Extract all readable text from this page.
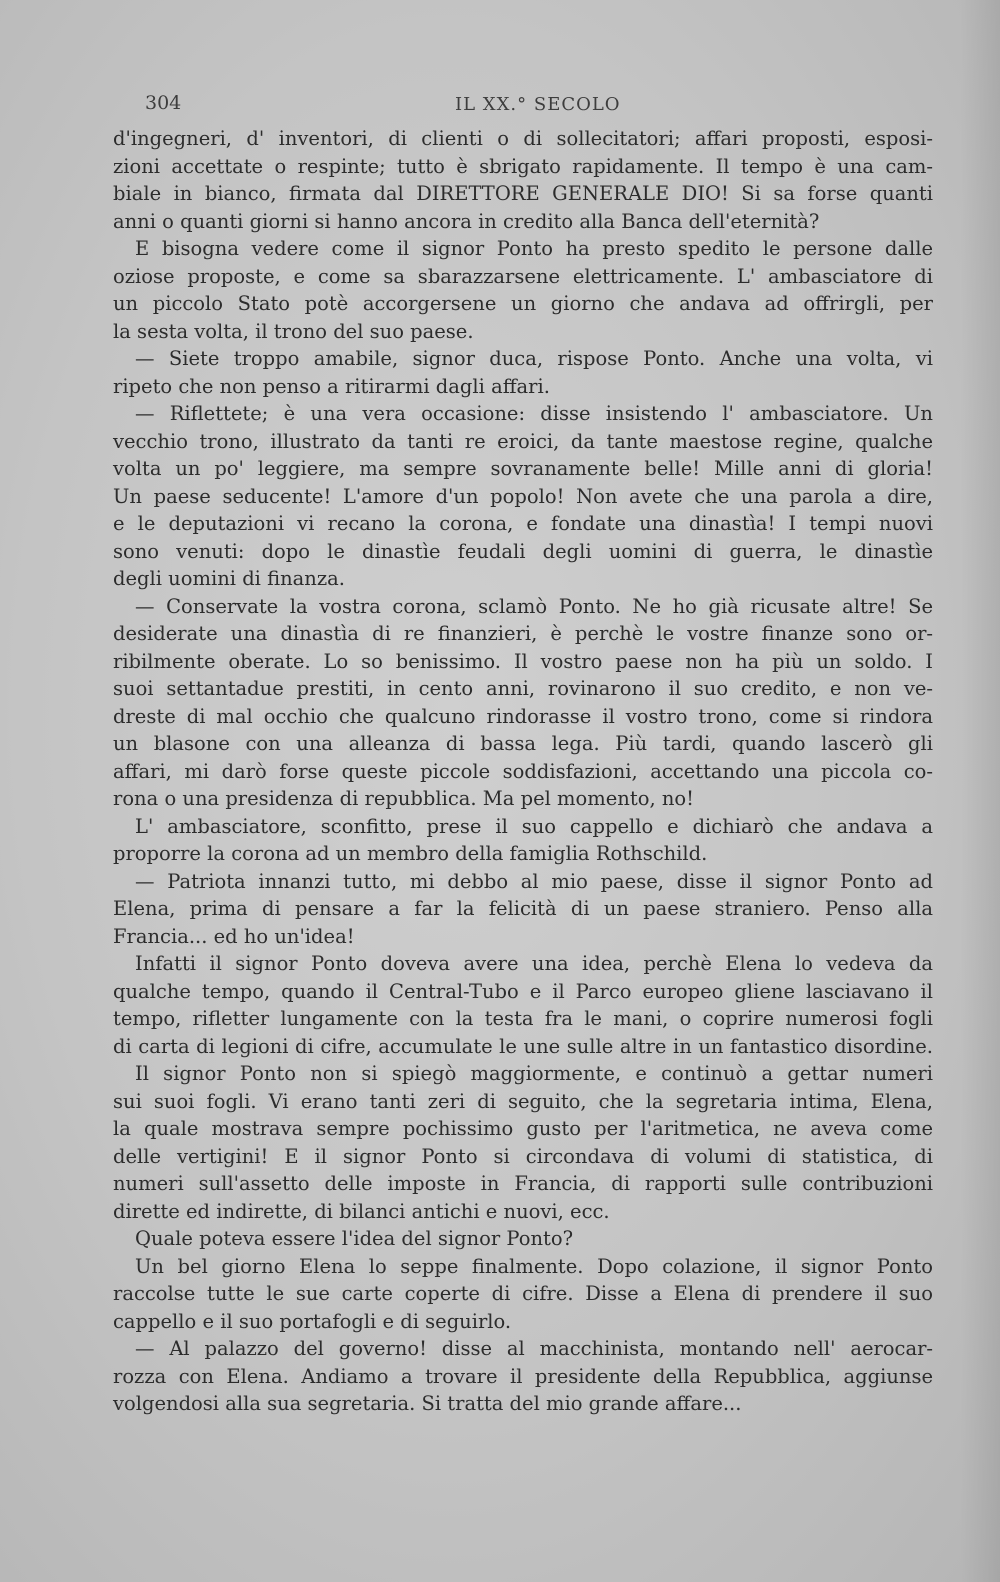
304	IL XX.° SECOLO
d'ingegneri, d' inventori, di clienti o di sollecitatori; affari proposti, esposi-
zioni accettate o respinte; tutto è sbrigato rapidamente. Il tempo è una cam-
biale in bianco, firmata dal DIRETTORE GENERALE DIO! Si sa forse quanti
anni o quanti giorni si hanno ancora in credito alla Banca dell'eternità?
E bisogna vedere come il signor Ponto ha presto spedito le persone dalle
oziose proposte, e come sa sbarazzarsene elettricamente. L' ambasciatore di
un piccolo Stato potè accorgersene un giorno che andava ad offrirgli, per
la sesta volta, il trono del suo paese.
— Siete troppo amabile, signor duca, rispose Ponto. Anche una volta, vi
ripeto che non penso a ritirarmi dagli affari.
— Riflettete; è una vera occasione: disse insistendo l' ambasciatore. Un
vecchio trono, illustrato da tanti re eroici, da tante maestose regine, qualche
volta un po' leggiere, ma sempre sovranamente belle! Mille anni di gloria!
Un paese seducente! L'amore d'un popolo! Non avete che una parola a dire,
e le deputazioni vi recano la corona, e fondate una dinastìa! I tempi nuovi
sono venuti: dopo le dinastìe feudali degli uomini di guerra, le dinastìe
degli uomini di finanza.
— Conservate la vostra corona, sclamò Ponto. Ne ho già ricusate altre! Se
desiderate una dinastìa di re finanzieri, è perchè le vostre finanze sono or-
ribilmente oberate. Lo so benissimo. Il vostro paese non ha più un soldo. I
suoi settantadue prestiti, in cento anni, rovinarono il suo credito, e non ve-
dreste di mal occhio che qualcuno rindorasse il vostro trono, come si rindora
un blasone con una alleanza di bassa lega. Più tardi, quando lascerò gli
affari, mi darò forse queste piccole soddisfazioni, accettando una piccola co-
rona o una presidenza di repubblica. Ma pel momento, no!
L' ambasciatore, sconfitto, prese il suo cappello e dichiarò che andava a
proporre la corona ad un membro della famiglia Rothschild.
— Patriota innanzi tutto, mi debbo al mio paese, disse il signor Ponto ad
Elena, prima di pensare a far la felicità di un paese straniero. Penso alla
Francia... ed ho un'idea!
Infatti il signor Ponto doveva avere una idea, perchè Elena lo vedeva da
qualche tempo, quando il Central-Tubo e il Parco europeo gliene lasciavano il
tempo, rifletter lungamente con la testa fra le mani, o coprire numerosi fogli
di carta di legioni di cifre, accumulate le une sulle altre in un fantastico disordine.
Il signor Ponto non si spiegò maggiormente, e continuò a gettar numeri
sui suoi fogli. Vi erano tanti zeri di seguito, che la segretaria intima, Elena,
la quale mostrava sempre pochissimo gusto per l'aritmetica, ne aveva come
delle vertigini! E il signor Ponto si circondava di volumi di statistica, di
numeri sull'assetto delle imposte in Francia, di rapporti sulle contribuzioni
dirette ed indirette, di bilanci antichi e nuovi, ecc.
Quale poteva essere l'idea del signor Ponto?
Un bel giorno Elena lo seppe finalmente. Dopo colazione, il signor Ponto
raccolse tutte le sue carte coperte di cifre. Disse a Elena di prendere il suo
cappello e il suo portafogli e di seguirlo.
— Al palazzo del governo! disse al macchinista, montando nell' aerocar-
rozza con Elena. Andiamo a trovare il presidente della Repubblica, aggiunse
volgendosi alla sua segretaria. Si tratta del mio grande affare...
